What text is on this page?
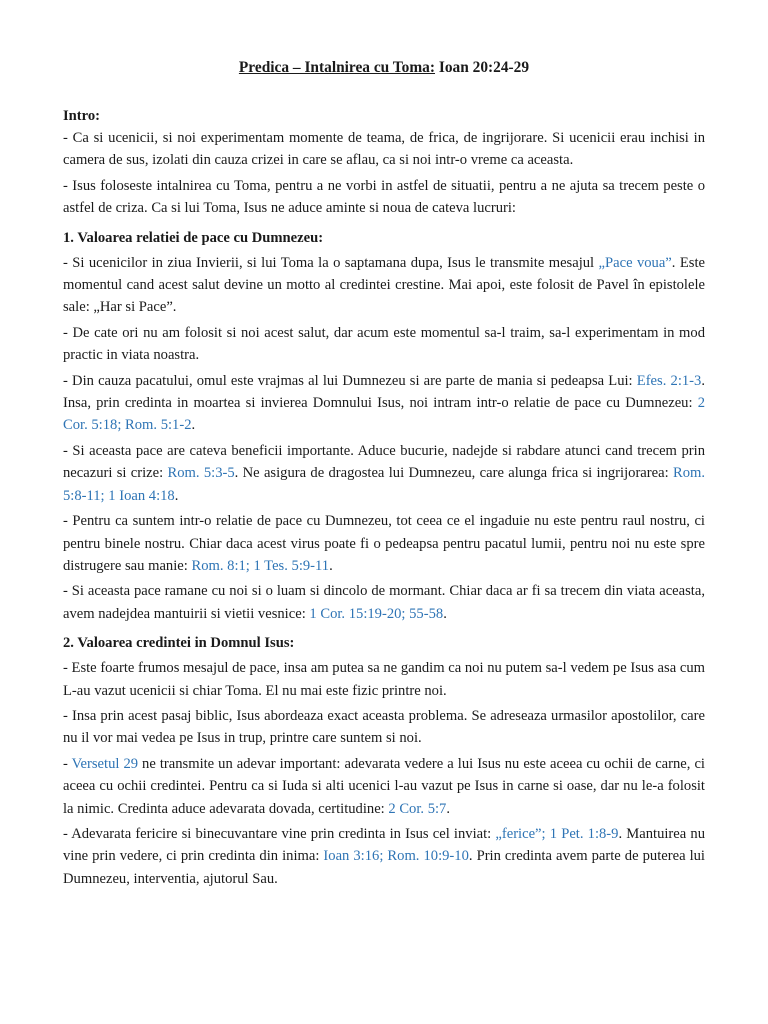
Predica – Intalnirea cu Toma: Ioan 20:24-29
Intro:

- Ca si ucenicii, si noi experimentam momente de teama, de frica, de ingrijorare. Si ucenicii erau inchisi in camera de sus, izolati din cauza crizei in care se aflau, ca si noi intr-o vreme ca aceasta.

- Isus foloseste intalnirea cu Toma, pentru a ne vorbi in astfel de situatii, pentru a ne ajuta sa trecem peste o astfel de criza. Ca si lui Toma, Isus ne aduce aminte si noua de cateva lucruri:

1. Valoarea relatiei de pace cu Dumnezeu:

- Si ucenicilor in ziua Invierii, si lui Toma la o saptamana dupa, Isus le transmite mesajul „Pace voua”. Este momentul cand acest salut devine un motto al credintei crestine. Mai apoi, este folosit de Pavel în epistolele sale: „Har si Pace”.

- De cate ori nu am folosit si noi acest salut, dar acum este momentul sa-l traim, sa-l experimentam in mod practic in viata noastra.

- Din cauza pacatului, omul este vrajmas al lui Dumnezeu si are parte de mania si pedeapsa Lui: Efes. 2:1-3. Insa, prin credinta in moartea si invierea Domnului Isus, noi intram intr-o relatie de pace cu Dumnezeu: 2 Cor. 5:18; Rom. 5:1-2.

- Si aceasta pace are cateva beneficii importante. Aduce bucurie, nadejde si rabdare atunci cand trecem prin necazuri si crize: Rom. 5:3-5. Ne asigura de dragostea lui Dumnezeu, care alunga frica si ingrijorarea: Rom. 5:8-11; 1 Ioan 4:18.

- Pentru ca suntem intr-o relatie de pace cu Dumnezeu, tot ceea ce el ingaduie nu este pentru raul nostru, ci pentru binele nostru. Chiar daca acest virus poate fi o pedeapsa pentru pacatul lumii, pentru noi nu este spre distrugere sau manie: Rom. 8:1; 1 Tes. 5:9-11.

- Si aceasta pace ramane cu noi si o luam si dincolo de mormant. Chiar daca ar fi sa trecem din viata aceasta, avem nadejdea mantuirii si vietii vesnice: 1 Cor. 15:19-20; 55-58.

2. Valoarea credintei in Domnul Isus:

- Este foarte frumos mesajul de pace, insa am putea sa ne gandim ca noi nu putem sa-l vedem pe Isus asa cum L-au vazut ucenicii si chiar Toma. El nu mai este fizic printre noi.

- Insa prin acest pasaj biblic, Isus abordeaza exact aceasta problema. Se adreseaza urmasilor apostolilor, care nu il vor mai vedea pe Isus in trup, printre care suntem si noi.

- Versetul 29 ne transmite un adevar important: adevarata vedere a lui Isus nu este aceea cu ochii de carne, ci aceea cu ochii credintei. Pentru ca si Iuda si alti ucenici l-au vazut pe Isus in carne si oase, dar nu le-a folosit la nimic. Credinta aduce adevarata dovada, certitudine: 2 Cor. 5:7.

- Adevarata fericire si binecuvantare vine prin credinta in Isus cel inviat: „ferice”; 1 Pet. 1:8-9. Mantuirea nu vine prin vedere, ci prin credinta din inima: Ioan 3:16; Rom. 10:9-10. Prin credinta avem parte de puterea lui Dumnezeu, interventia, ajutorul Sau.
